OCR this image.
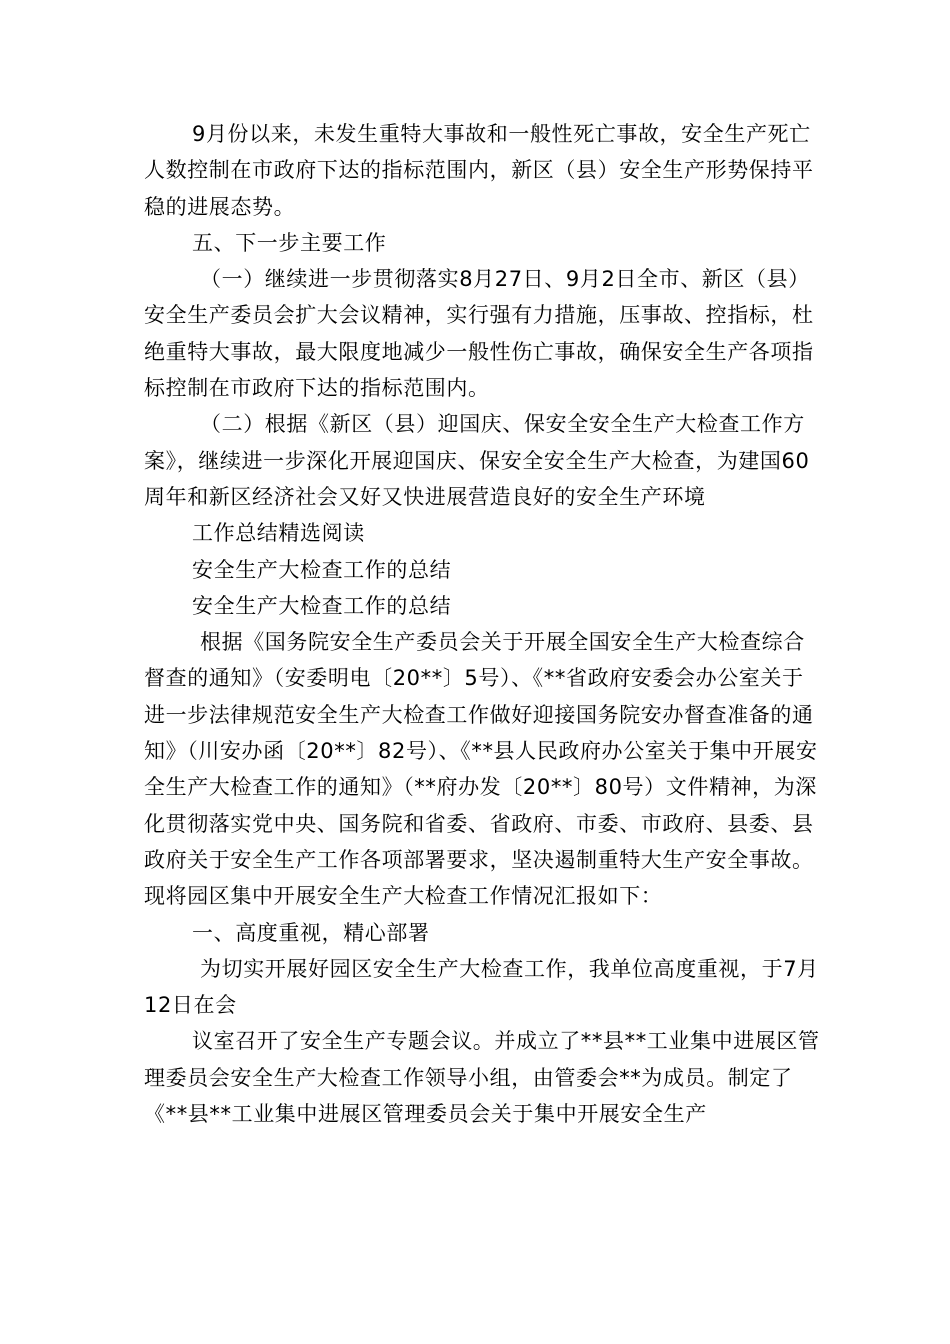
9月份以来，未发生重特大事故和一般性死亡事故，安全生产死亡人数控制在市政府下达的指标范围内，新区（县）安全生产形势保持平稳的进展态势。

五、下一步主要工作

（一）继续进一步贯彻落实8月27日、9月2日全市、新区（县）安全生产委员会扩大会议精神，实行强有力措施，压事故、控指标，杜绝重特大事故，最大限度地减少一般性伤亡事故，确保安全生产各项指标控制在市政府下达的指标范围内。

（二）根据《新区（县）迎国庆、保安全安全生产大检查工作方案》，继续进一步深化开展迎国庆、保安全安全生产大检查，为建国60周年和新区经济社会又好又快进展营造良好的安全生产环境

工作总结精选阅读

安全生产大检查工作的总结

安全生产大检查工作的总结

根据《国务院安全生产委员会关于开展全国安全生产大检查综合督查的通知》（安委明电〔20**〕5号）、《**省政府安委会办公室关于进一步法律规范安全生产大检查工作做好迎接国务院安办督查准备的通知》（川安办函〔20**〕82号）、《**县人民政府办公室关于集中开展安全生产大检查工作的通知》（**府办发〔20**〕80号）文件精神，为深化贯彻落实党中央、国务院和省委、省政府、市委、市政府、县委、县政府关于安全生产工作各项部署要求，坚决遏制重特大生产安全事故。现将园区集中开展安全生产大检查工作情况汇报如下：

一、高度重视，精心部署

为切实开展好园区安全生产大检查工作，我单位高度重视，于7月12日在会

议室召开了安全生产专题会议。并成立了**县**工业集中进展区管理委员会安全生产大检查工作领导小组，由管委会**为成员。制定了《**县**工业集中进展区管理委员会关于集中开展安全生产
